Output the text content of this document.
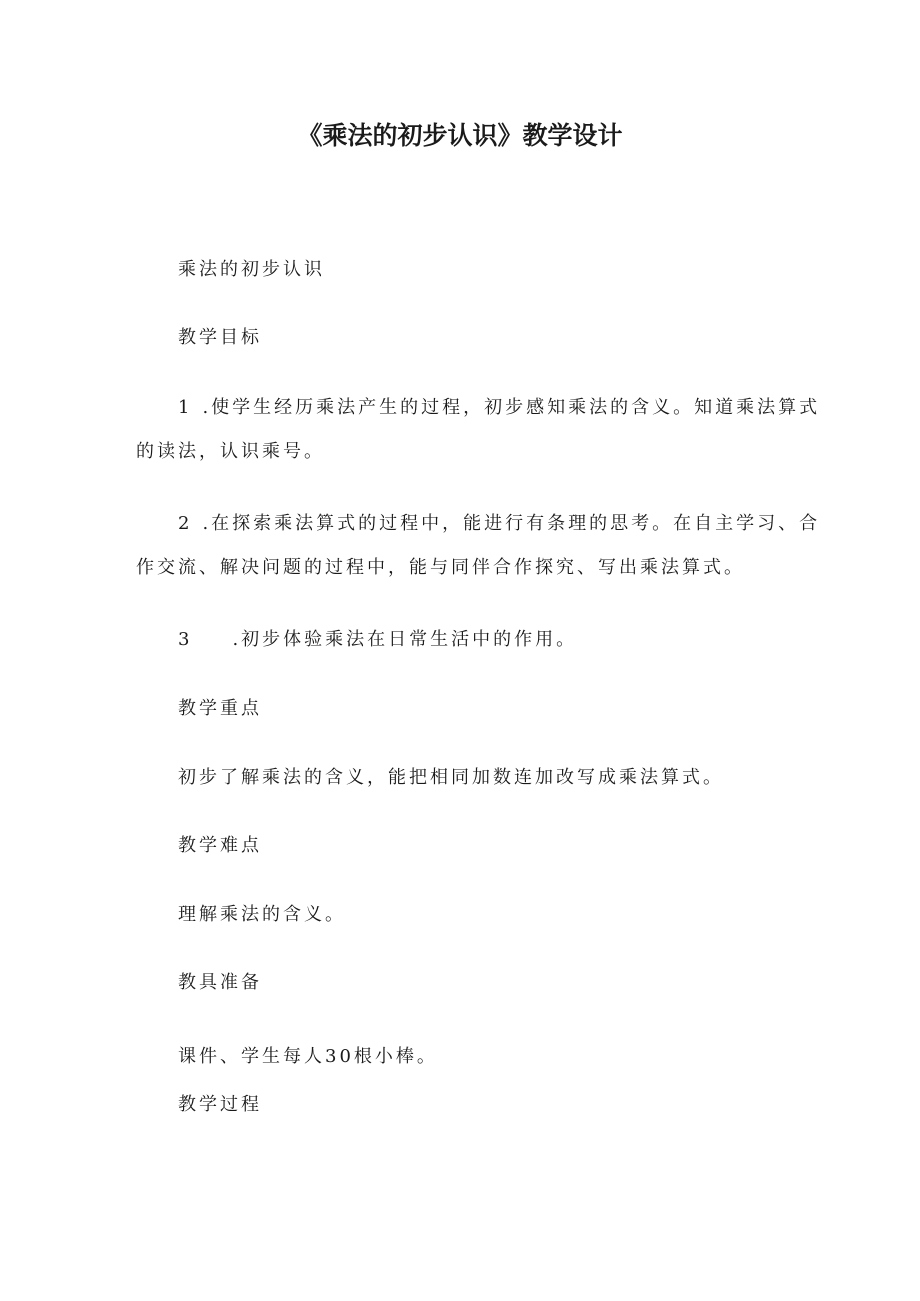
《乘法的初步认识》教学设计
乘法的初步认识
教学目标
1 .使学生经历乘法产生的过程，初步感知乘法的含义。知道乘法算式
的读法，认识乘号。
2 .在探索乘法算式的过程中，能进行有条理的思考。在自主学习、合
作交流、解决问题的过程中，能与同伴合作探究、写出乘法算式。
3 .初步体验乘法在日常生活中的作用。
教学重点
初步了解乘法的含义，能把相同加数连加改写成乘法算式。
教学难点
理解乘法的含义。
教具准备
课件、学生每人30根小棒。
教学过程
